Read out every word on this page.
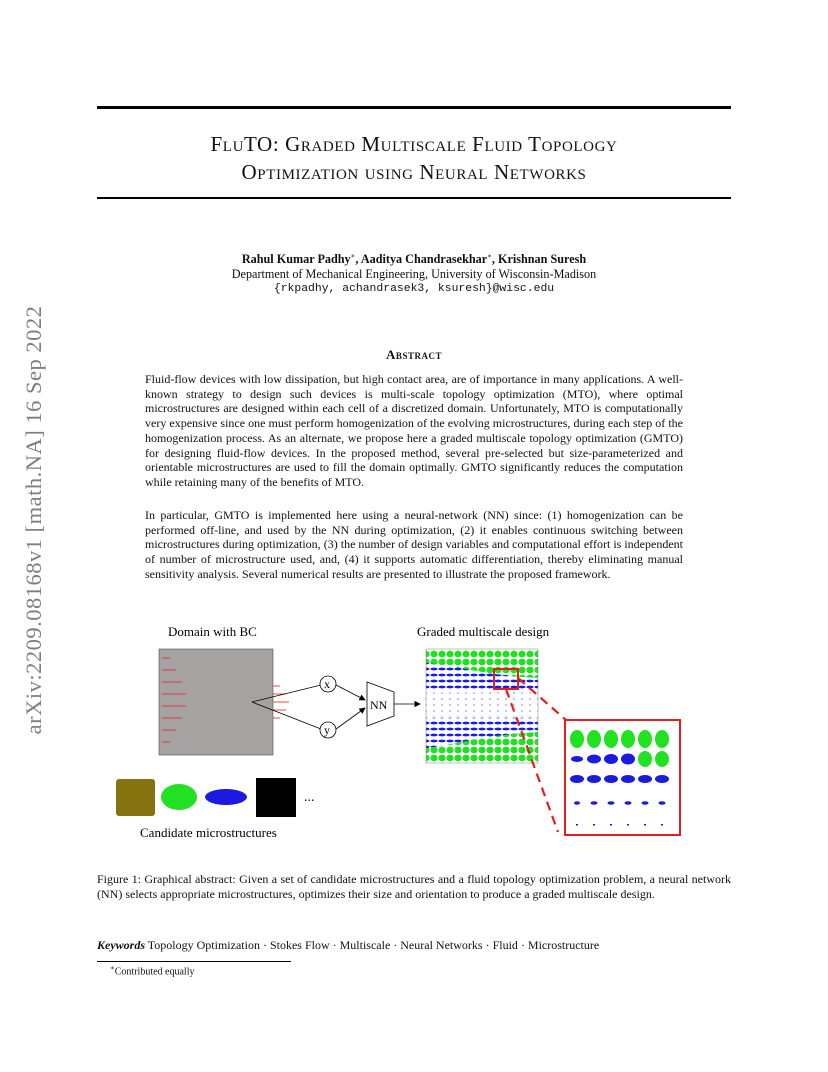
arXiv:2209.08168v1 [math.NA] 16 Sep 2022
FluTO: Graded Multiscale Fluid Topology
Optimization using Neural Networks
Rahul Kumar Padhy∗, Aaditya Chandrasekhar∗, Krishnan Suresh
Department of Mechanical Engineering, University of Wisconsin-Madison
{rkpadhy, achandrasek3, ksuresh}@wisc.edu
Abstract

Fluid-flow devices with low dissipation, but high contact area, are of importance in many applications. A well-known strategy to design such devices is multi-scale topology optimization (MTO), where optimal microstructures are designed within each cell of a discretized domain. Unfortunately, MTO is computationally very expensive since one must perform homogenization of the evolving microstructures, during each step of the homogenization process. As an alternate, we propose here a graded multiscale topology optimization (GMTO) for designing fluid-flow devices. In the proposed method, several pre-selected but size-parameterized and orientable microstructures are used to fill the domain optimally. GMTO significantly reduces the computation while retaining many of the benefits of MTO.

In particular, GMTO is implemented here using a neural-network (NN) since: (1) homogenization can be performed off-line, and used by the NN during optimization, (2) it enables continuous switching between microstructures during optimization, (3) the number of design variables and computational effort is independent of number of microstructure used, and, (4) it supports automatic differentiation, thereby eliminating manual sensitivity analysis. Several numerical results are presented to illustrate the proposed framework.

Domain with BC	Graded multiscale design
x
y
NN
...
Candidate microstructures

Figure 1: Graphical abstract: Given a set of candidate microstructures and a fluid topology optimization problem, a neural network (NN) selects appropriate microstructures, optimizes their size and orientation to produce a graded multiscale design.

Keywords Topology Optimization · Stokes Flow · Multiscale · Neural Networks · Fluid · Microstructure
∗Contributed equally
